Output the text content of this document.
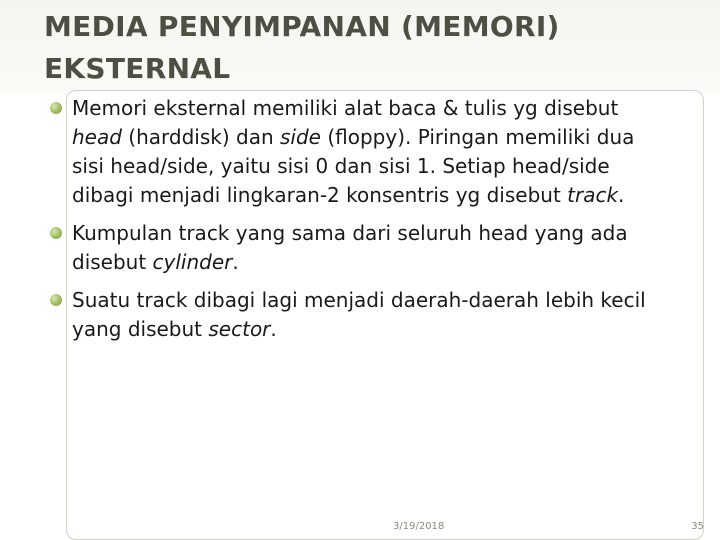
MEDIA PENYIMPANAN (MEMORI) EKSTERNAL
Memori eksternal memiliki alat baca & tulis yg disebut head (harddisk) dan side (floppy). Piringan memiliki dua sisi head/side, yaitu sisi 0 dan sisi 1. Setiap head/side dibagi menjadi lingkaran-2 konsentris yg disebut track.
Kumpulan track yang sama dari seluruh head yang ada disebut cylinder.
Suatu track dibagi lagi menjadi daerah-daerah lebih kecil yang disebut sector.
3/19/2018	35
